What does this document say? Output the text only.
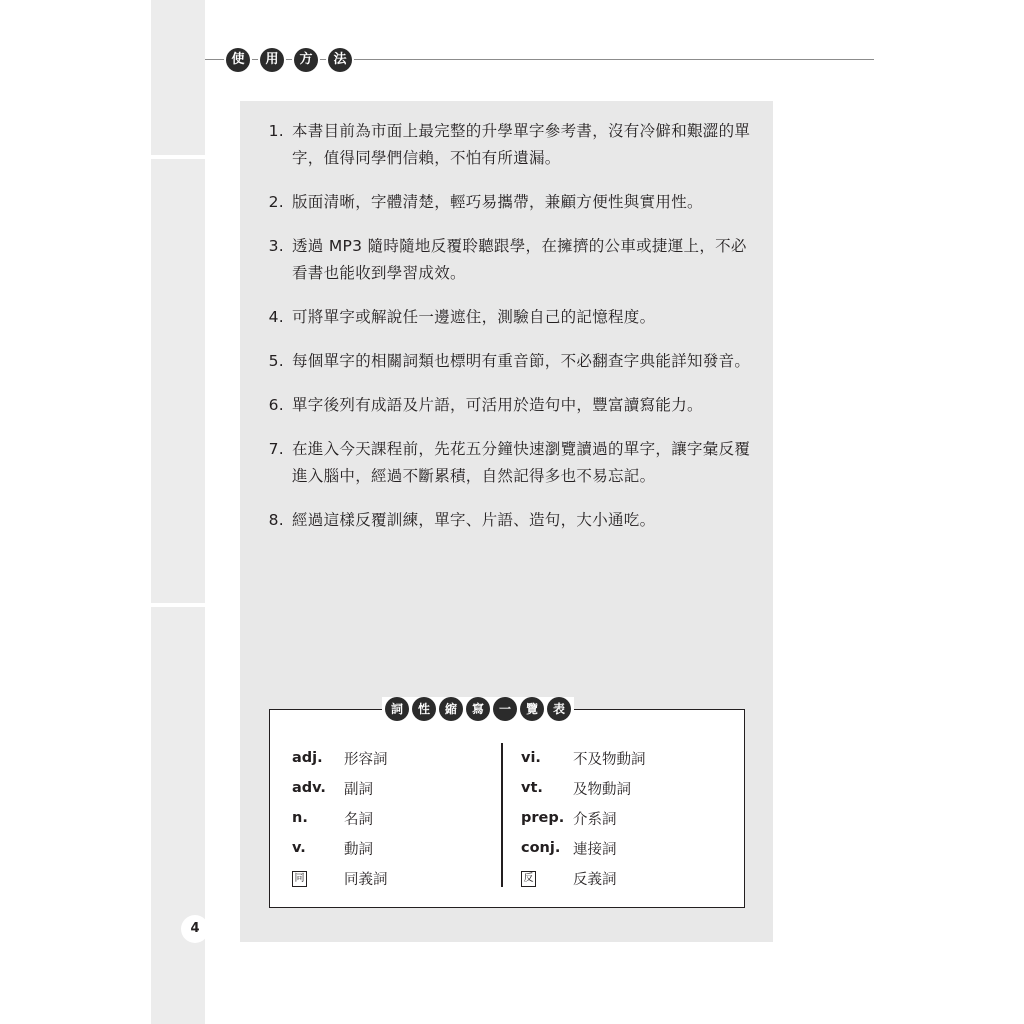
使	用	方	法
1. 本書目前為市面上最完整的升學單字參考書，沒有冷僻和艱澀的單字，值得同學們信賴，不怕有所遺漏。
2. 版面清晰，字體清楚，輕巧易攜帶，兼顧方便性與實用性。
3. 透過 MP3 隨時隨地反覆聆聽跟學，在擁擠的公車或捷運上，不必看書也能收到學習成效。
4. 可將單字或解說任一邊遮住，測驗自己的記憶程度。
5. 每個單字的相關詞類也標明有重音節，不必翻查字典能詳知發音。
6. 單字後列有成語及片語，可活用於造句中，豐富讀寫能力。
7. 在進入今天課程前，先花五分鐘快速瀏覽讀過的單字，讓字彙反覆進入腦中，經過不斷累積，自然記得多也不易忘記。
8. 經過這樣反覆訓練，單字、片語、造句，大小通吃。
詞	性	縮	寫	一	覽	表
adj.	形容詞
adv.	副詞
n.	名詞
v.	動詞
同	同義詞
vi.	不及物動詞
vt.	及物動詞
prep. 介系詞
conj. 連接詞
反	反義詞
4
